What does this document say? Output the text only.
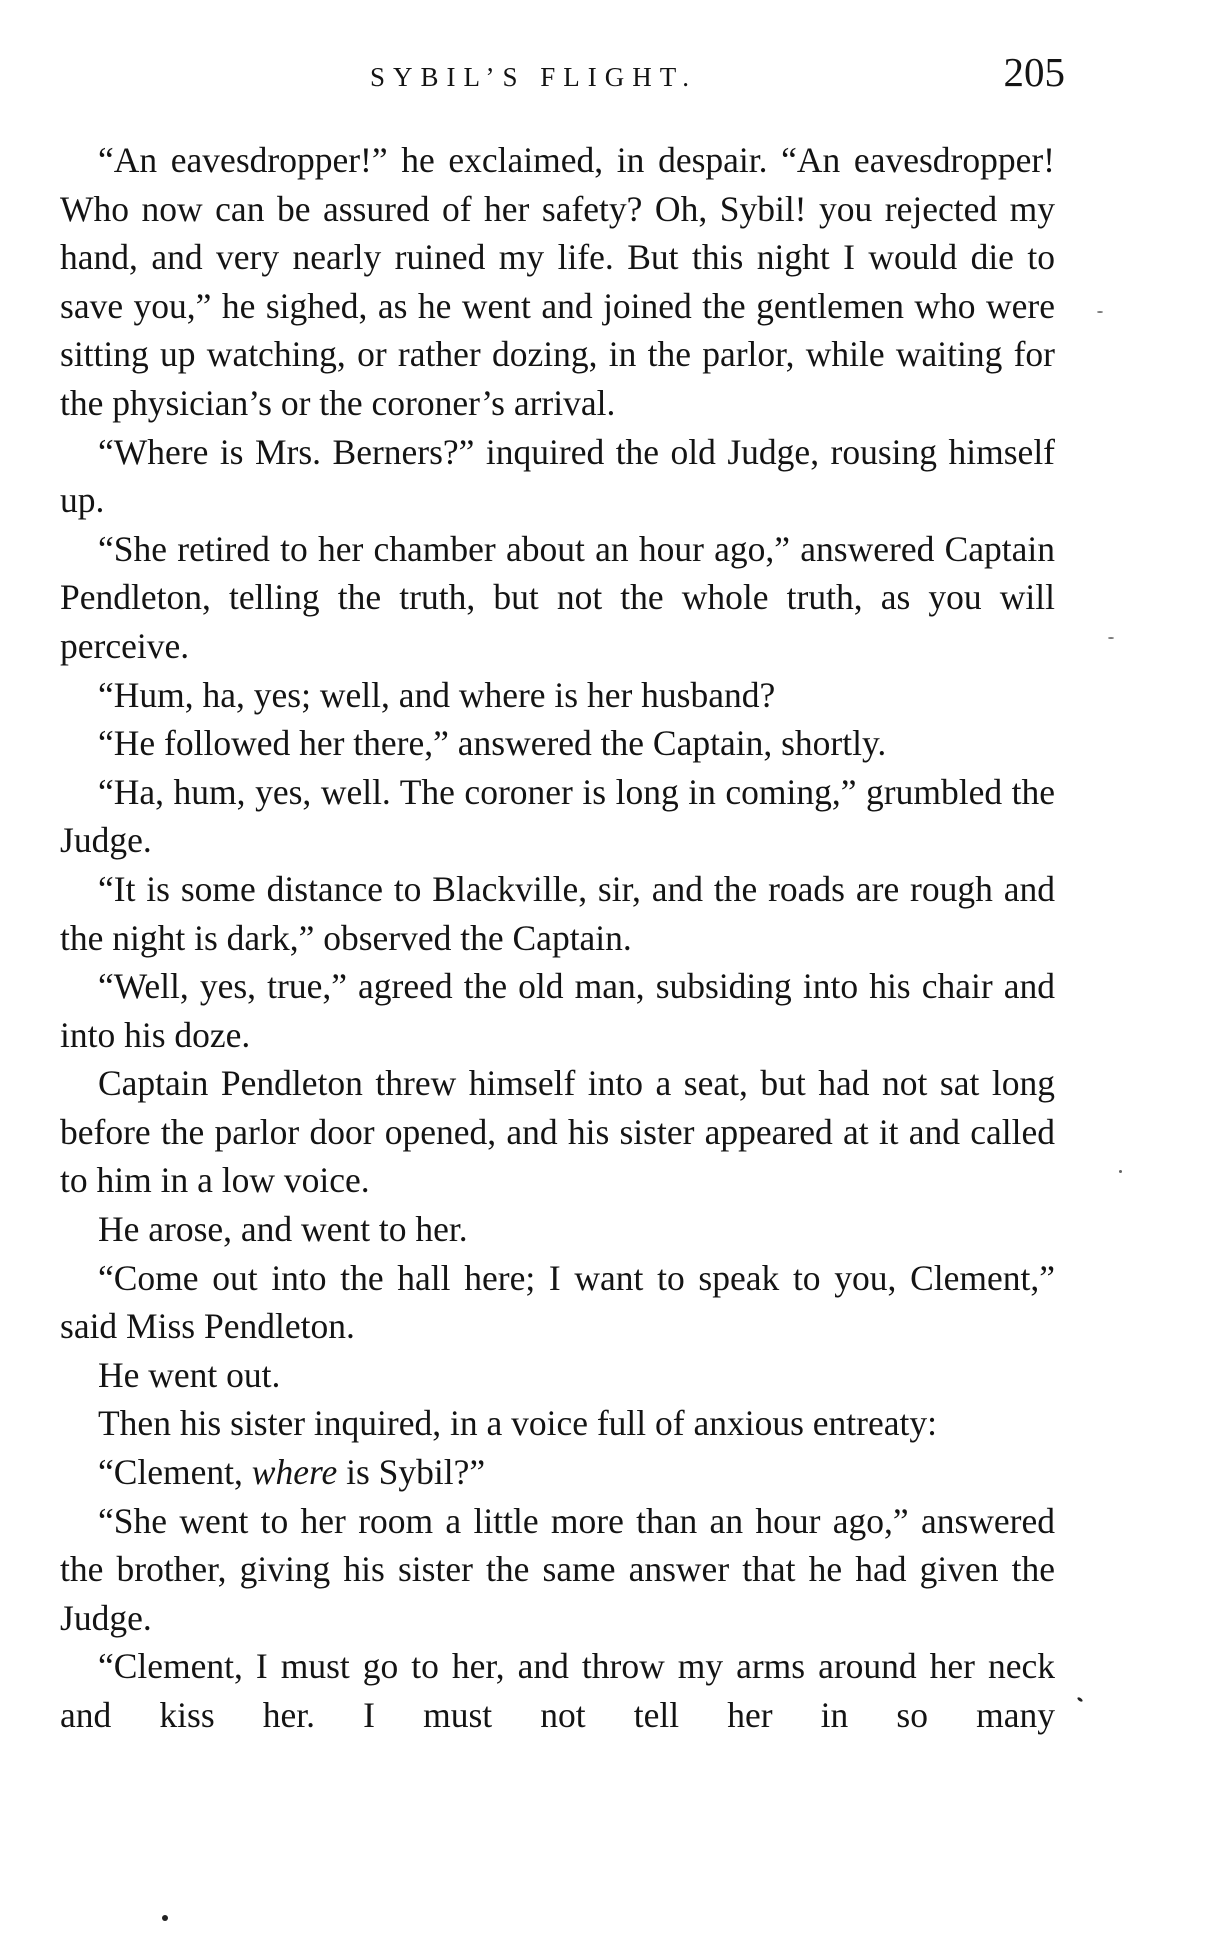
SYBIL’S FLIGHT.	205

“An eavesdropper!” he exclaimed, in despair. “An eavesdropper! Who now can be assured of her safety? Oh, Sybil! you rejected my hand, and very nearly ruined my life. But this night I would die to save you,” he sighed, as he went and joined the gentlemen who were sitting up watching, or rather dozing, in the parlor, while waiting for the physician’s or the coroner’s arrival.

“Where is Mrs. Berners?” inquired the old Judge, rousing himself up.

“She retired to her chamber about an hour ago,” answered Captain Pendleton, telling the truth, but not the whole truth, as you will perceive.

“Hum, ha, yes; well, and where is her husband?

“He followed her there,” answered the Captain, shortly.

“Ha, hum, yes, well. The coroner is long in coming,” grumbled the Judge.

“It is some distance to Blackville, sir, and the roads are rough and the night is dark,” observed the Captain.

“Well, yes, true,” agreed the old man, subsiding into his chair and into his doze.

Captain Pendleton threw himself into a seat, but had not sat long before the parlor door opened, and his sister appeared at it and called to him in a low voice.

He arose, and went to her.

“Come out into the hall here; I want to speak to you, Clement,” said Miss Pendleton.

He went out.

Then his sister inquired, in a voice full of anxious entreaty:

“Clement, where is Sybil?”

“She went to her room a little more than an hour ago,” answered the brother, giving his sister the same answer that he had given the Judge.

“Clement, I must go to her, and throw my arms around her neck and kiss her. I must not tell her in so many
